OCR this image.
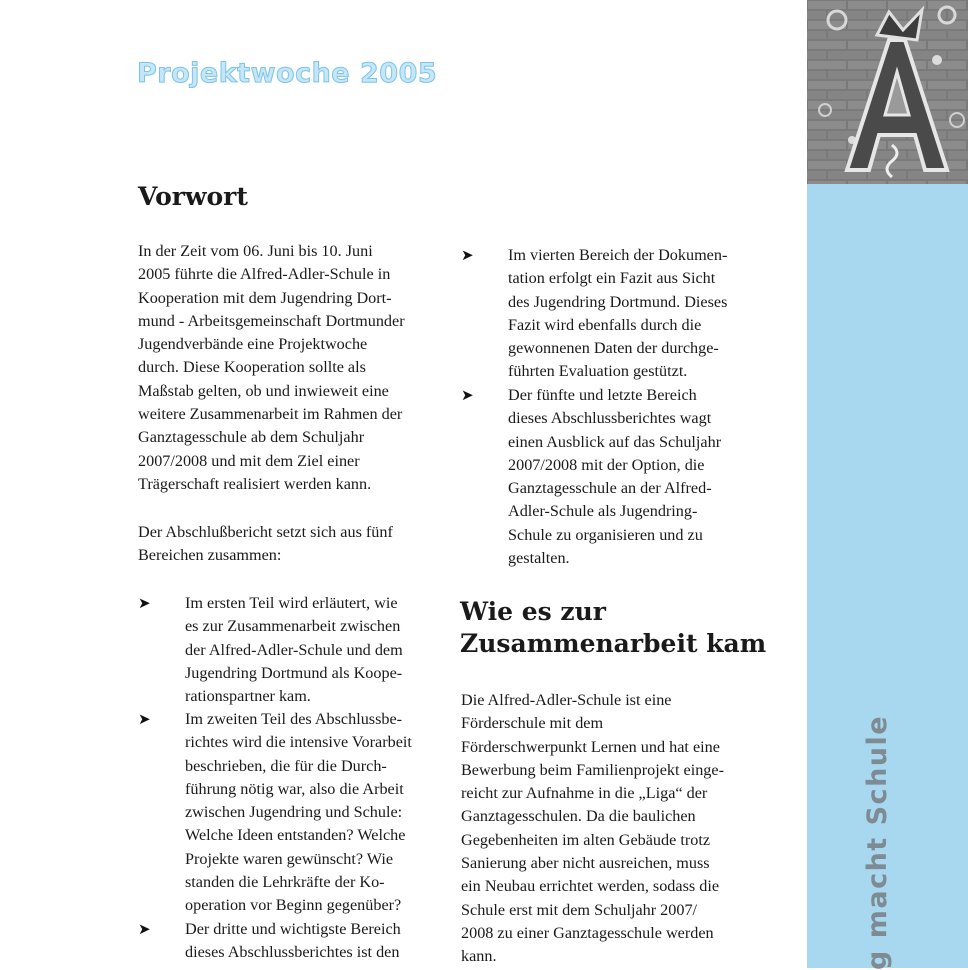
Projektwoche 2005
g macht Schule
Vorwort

In der Zeit vom 06. Juni bis 10. Juni
2005 führte die Alfred-Adler-Schule in
Kooperation mit dem Jugendring Dort-
mund - Arbeitsgemeinschaft Dortmunder
Jugendverbände eine Projektwoche
durch. Diese Kooperation sollte als
Maßstab gelten, ob und inwieweit eine
weitere Zusammenarbeit im Rahmen der
Ganztagesschule ab dem Schuljahr
2007/2008 und mit dem Ziel einer
Trägerschaft realisiert werden kann.

Der Abschlußbericht setzt sich aus fünf
Bereichen zusammen:

➤ Im ersten Teil wird erläutert, wie
es zur Zusammenarbeit zwischen
der Alfred-Adler-Schule und dem
Jugendring Dortmund als Koope-
rationspartner kam.

➤ Im zweiten Teil des Abschlussbe-
richtes wird die intensive Vorarbeit
beschrieben, die für die Durch-
führung nötig war, also die Arbeit
zwischen Jugendring und Schule:
Welche Ideen entstanden? Welche
Projekte waren gewünscht? Wie
standen die Lehrkräfte der Ko-
operation vor Beginn gegenüber?

➤ Der dritte und wichtigste Bereich
dieses Abschlussberichtes ist den

➤ Im vierten Bereich der Dokumen-
tation erfolgt ein Fazit aus Sicht
des Jugendring Dortmund. Dieses
Fazit wird ebenfalls durch die
gewonnenen Daten der durchge-
führten Evaluation gestützt.

➤ Der fünfte und letzte Bereich
dieses Abschlussberichtes wagt
einen Ausblick auf das Schuljahr
2007/2008 mit der Option, die
Ganztagesschule an der Alfred-
Adler-Schule als Jugendring-
Schule zu organisieren und zu
gestalten.

Wie es zur
Zusammenarbeit kam

Die Alfred-Adler-Schule ist eine
Förderschule mit dem
Förderschwerpunkt Lernen und hat eine
Bewerbung beim Familienprojekt einge-
reicht zur Aufnahme in die „Liga“ der
Ganztagesschulen. Da die baulichen
Gegebenheiten im alten Gebäude trotz
Sanierung aber nicht ausreichen, muss
ein Neubau errichtet werden, sodass die
Schule erst mit dem Schuljahr 2007/
2008 zu einer Ganztagesschule werden
kann.
